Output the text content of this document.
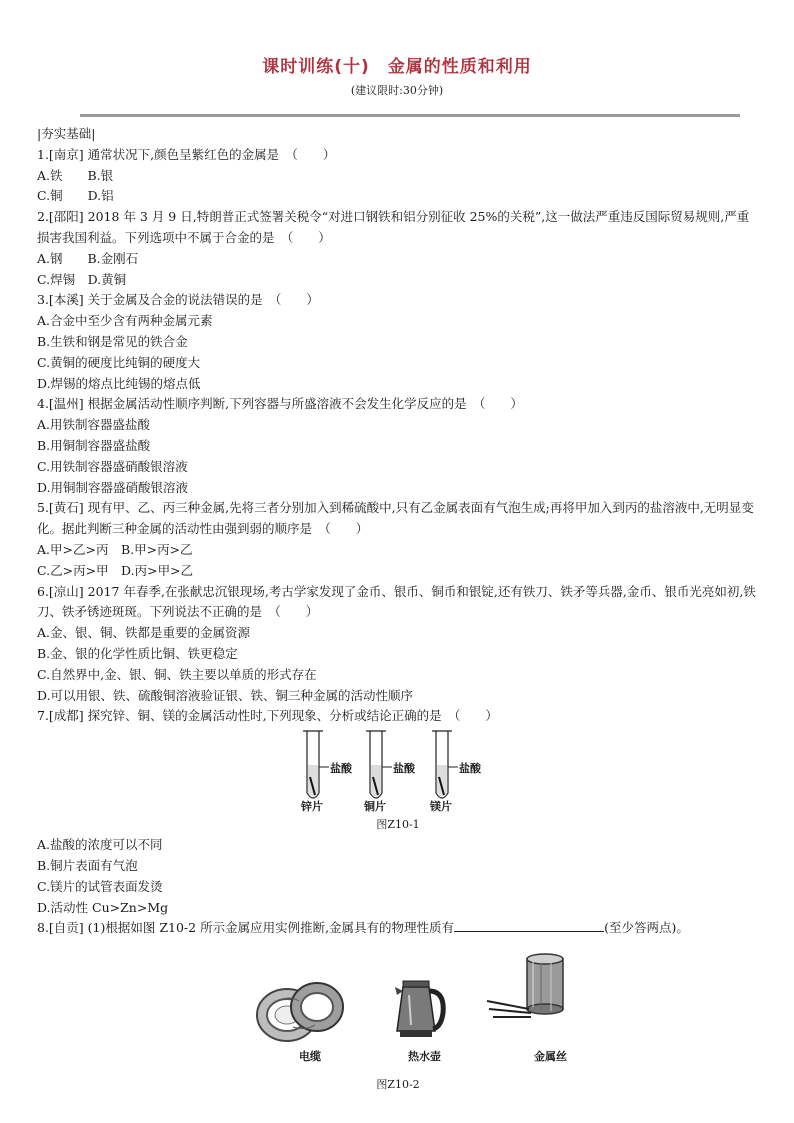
课时训练(十)　金属的性质和利用
(建议限时:30分钟)
|夯实基础|
1.[南京] 通常状况下,颜色呈紫红色的金属是　（　　）
A.铁　　B.银
C.铜　　D.铝
2.[邵阳] 2018 年 3 月 9 日,特朗普正式签署关税令“对进口钢铁和铝分别征收 25%的关税”,这一做法严重违反国际贸易规则,严重损害我国利益。下列选项中不属于合金的是　（　　）
A.钢　　B.金刚石
C.焊锡　D.黄铜
3.[本溪] 关于金属及合金的说法错误的是　（　　）
A.合金中至少含有两种金属元素
B.生铁和钢是常见的铁合金
C.黄铜的硬度比纯铜的硬度大
D.焊锡的熔点比纯锡的熔点低
4.[温州] 根据金属活动性顺序判断,下列容器与所盛溶液不会发生化学反应的是　（　　）
A.用铁制容器盛盐酸
B.用铜制容器盛盐酸
C.用铁制容器盛硝酸银溶液
D.用铜制容器盛硝酸银溶液
5.[黄石] 现有甲、乙、丙三种金属,先将三者分别加入到稀硫酸中,只有乙金属表面有气泡生成;再将甲加入到丙的盐溶液中,无明显变化。据此判断三种金属的活动性由强到弱的顺序是　（　　）
A.甲>乙>丙　B.甲>丙>乙
C.乙>丙>甲　D.丙>甲>乙
6.[凉山] 2017 年春季,在张献忠沉银现场,考古学家发现了金币、银币、铜币和银锭,还有铁刀、铁矛等兵器,金币、银币光亮如初,铁刀、铁矛锈迹斑斑。下列说法不正确的是　（　　）
A.金、银、铜、铁都是重要的金属资源
B.金、银的化学性质比铜、铁更稳定
C.自然界中,金、银、铜、铁主要以单质的形式存在
D.可以用银、铁、硫酸铜溶液验证银、铁、铜三种金属的活动性顺序
7.[成都] 探究锌、铜、镁的金属活动性时,下列现象、分析或结论正确的是　（　　）
盐酸	盐酸	盐酸
锌片	铜片	镁片
图Z10-1
A.盐酸的浓度可以不同
B.铜片表面有气泡
C.镁片的试管表面发烫
D.活动性 Cu>Zn>Mg
8.[自贡] (1)根据如图 Z10-2 所示金属应用实例推断,金属具有的物理性质有	(至少答两点)。
电缆	热水壶	金属丝
图Z10-2
